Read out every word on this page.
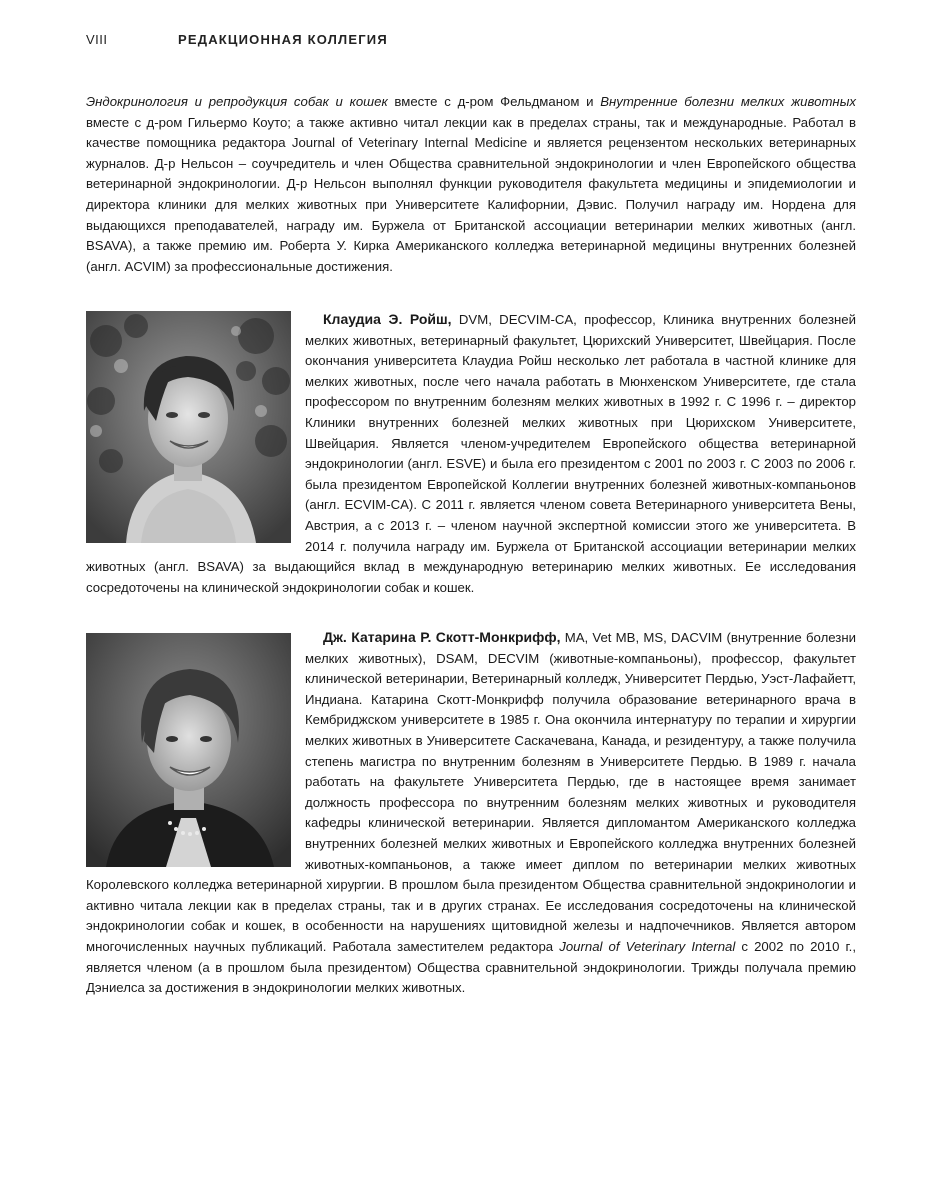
VIII	РЕДАКЦИОННАЯ КОЛЛЕГИЯ

Эндокринология и репродукция собак и кошек вместе с д-ром Фельдманом и Внутренние болезни мелких животных вместе с д-ром Гильермо Коуто; а также активно читал лекции как в пределах страны, так и международные. Работал в качестве помощника редактора Journal of Veterinary Internal Medicine и является рецензентом нескольких ветеринарных журналов. Д-р Нельсон – соучредитель и член Общества сравнительной эндокринологии и член Европейского общества ветеринарной эндокринологии. Д-р Нельсон выполнял функции руководителя факультета медицины и эпидемиологии и директора клиники для мелких животных при Университете Калифорнии, Дэвис. Получил награду им. Нордена для выдающихся преподавателей, награду им. Буржела от Британской ассоциации ветеринарии мелких животных (англ. BSAVA), а также премию им. Роберта У. Кирка Американского колледжа ветеринарной медицины внутренних болезней (англ. ACVIM) за профессиональные достижения.

Клаудиа Э. Ройш, DVM, DECVIM-CA, профессор, Клиника внутренних болезней мелких животных, ветеринарный факультет, Цюрихский Университет, Швейцария. После окончания университета Клаудиа Ройш несколько лет работала в частной клинике для мелких животных, после чего начала работать в Мюнхенском Университете, где стала профессором по внутренним болезням мелких животных в 1992 г. С 1996 г. – директор Клиники внутренних болезней мелких животных при Цюрихском Университете, Швейцария. Является членом-учредителем Европейского общества ветеринарной эндокринологии (англ. ESVE) и была его президентом с 2001 по 2003 г. С 2003 по 2006 г. была президентом Европейской Коллегии внутренних болезней животных-компаньонов (англ. ECVIM-CA). С 2011 г. является членом совета Ветеринарного университета Вены, Австрия, а с 2013 г. – членом научной экспертной комиссии этого же университета. В 2014 г. получила награду им. Буржела от Британской ассоциации ветеринарии мелких животных (англ. BSAVA) за выдающийся вклад в международную ветеринарию мелких животных. Ее исследования сосредоточены на клинической эндокринологии собак и кошек.
Дж. Катарина Р. Скотт-Монкрифф, MA, Vet MB, MS, DACVIM (внутренние болезни мелких животных), DSAM, DECVIM (животные-компаньоны), профессор, факультет клинической ветеринарии, Ветеринарный колледж, Университет Пердью, Уэст-Лафайетт, Индиана. Катарина Скотт-Монкрифф получила образование ветеринарного врача в Кембриджском университете в 1985 г. Она окончила интернатуру по терапии и хирургии мелких животных в Университете Саскачевана, Канада, и резидентуру, а также получила степень магистра по внутренним болезням в Университете Пердью. В 1989 г. начала работать на факультете Университета Пердью, где в настоящее время занимает должность профессора по внутренним болезням мелких животных и руководителя кафедры клинической ветеринарии. Является дипломантом Американского колледжа внутренних болезней мелких животных и Европейского колледжа внутренних болезней животных-компаньонов, а также имеет диплом по ветеринарии мелких животных Королевского колледжа ветеринарной хирургии. В прошлом была президентом Общества сравнительной эндокринологии и активно читала лекции как в пределах страны, так и в других странах. Ее исследования сосредоточены на клинической эндокринологии собак и кошек, в особенности на нарушениях щитовидной железы и надпочечников. Является автором многочисленных научных публикаций. Работала заместителем редактора Journal of Veterinary Internal с 2002 по 2010 г., является членом (а в прошлом была президентом) Общества сравнительной эндокринологии. Трижды получала премию Дэниелса за достижения в эндокринологии мелких животных.
